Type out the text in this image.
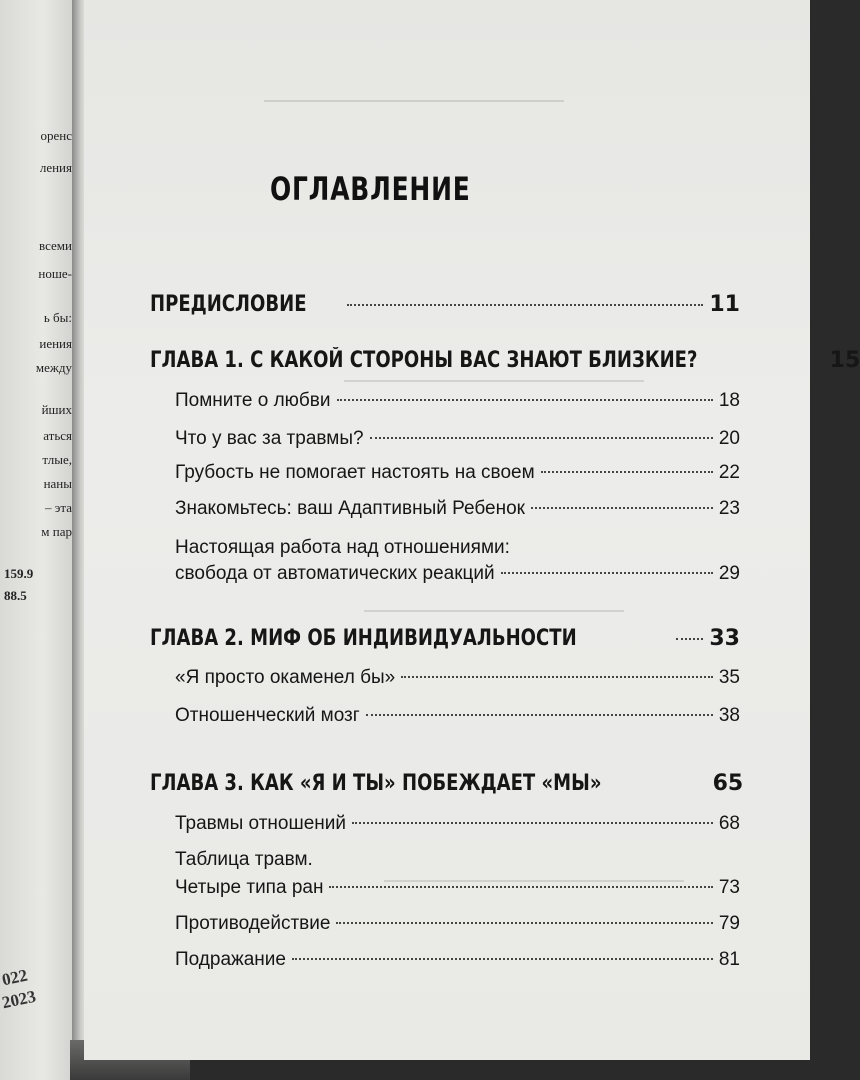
оренс
ления
всеми
ноше-
ь бы:
иения
между
йших
аться
тлые,
наны
– эта
м пар
159.9
88.5
022
2023
ОГЛАВЛЕНИЕ
ПРЕДИСЛОВИЕ	11
ГЛАВА 1. С КАКОЙ СТОРОНЫ ВАС ЗНАЮТ БЛИЗКИЕ?	15
Помните о любви	18
Что у вас за травмы?	20
Грубость не помогает настоять на своем	22
Знакомьтесь: ваш Адаптивный Ребенок	23
Настоящая работа над отношениями:
свобода от автоматических реакций	29
ГЛАВА 2. МИФ ОБ ИНДИВИДУАЛЬНОСТИ	33
«Я просто окаменел бы»	35
Отношенческий мозг	38
ГЛАВА 3. КАК «Я И ТЫ» ПОБЕЖДАЕТ «МЫ»	65
Травмы отношений	68
Таблица травм.
Четыре типа ран	73
Противодействие	79
Подражание	81
